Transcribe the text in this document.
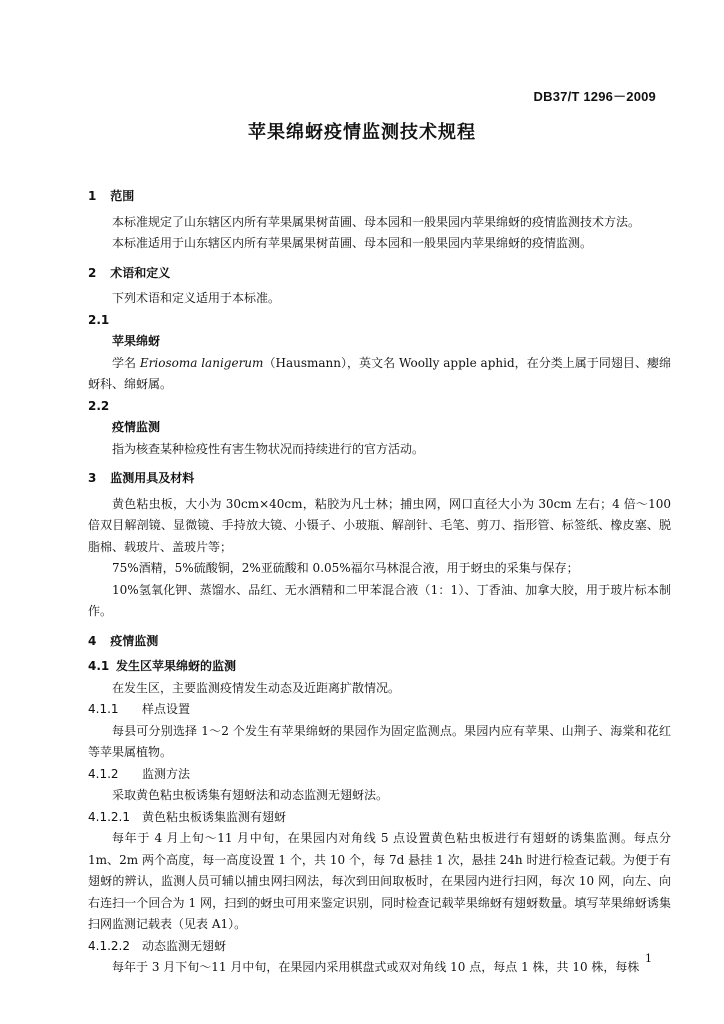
DB37/T 1296－2009
苹果绵蚜疫情监测技术规程
1 范围

本标准规定了山东辖区内所有苹果属果树苗圃、母本园和一般果园内苹果绵蚜的疫情监测技术方法。

本标准适用于山东辖区内所有苹果属果树苗圃、母本园和一般果园内苹果绵蚜的疫情监测。

2 术语和定义

下列术语和定义适用于本标准。

2.1
苹果绵蚜

学名 Eriosoma lanigerum（Hausmann），英文名 Woolly apple aphid，在分类上属于同翅目、瘿绵蚜科、绵蚜属。

2.2
疫情监测

指为核查某种检疫性有害生物状况而持续进行的官方活动。

3 监测用具及材料

黄色粘虫板，大小为 30cm×40cm，粘胶为凡士林；捕虫网，网口直径大小为 30cm 左右；4 倍～100 倍双目解剖镜、显微镜、手持放大镜、小镊子、小玻瓶、解剖针、毛笔、剪刀、指形管、标签纸、橡皮塞、脱脂棉、载玻片、盖玻片等；

75%酒精，5%硫酸铜，2%亚硫酸和 0.05%福尔马林混合液，用于蚜虫的采集与保存；

10%氢氧化钾、蒸馏水、品红、无水酒精和二甲苯混合液（1：1）、丁香油、加拿大胶，用于玻片标本制作。

4 疫情监测
4.1 发生区苹果绵蚜的监测

在发生区，主要监测疫情发生动态及近距离扩散情况。

4.1.1 样点设置

每县可分别选择 1～2 个发生有苹果绵蚜的果园作为固定监测点。果园内应有苹果、山荆子、海棠和花红等苹果属植物。

4.1.2 监测方法

采取黄色粘虫板诱集有翅蚜法和动态监测无翅蚜法。

4.1.2.1 黄色粘虫板诱集监测有翅蚜

每年于 4 月上旬～11 月中旬，在果园内对角线 5 点设置黄色粘虫板进行有翅蚜的诱集监测。每点分 1m、2m 两个高度，每一高度设置 1 个，共 10 个，每 7d 悬挂 1 次，悬挂 24h 时进行检查记载。为便于有翅蚜的辨认，监测人员可辅以捕虫网扫网法，每次到田间取板时，在果园内进行扫网，每次 10 网，向左、向右连扫一个回合为 1 网，扫到的蚜虫可用来鉴定识别，同时检查记载苹果绵蚜有翅蚜数量。填写苹果绵蚜诱集扫网监测记载表（见表 A1）。

4.1.2.2 动态监测无翅蚜

每年于 3 月下旬～11 月中旬，在果园内采用棋盘式或双对角线 10 点，每点 1 株，共 10 株，每株

1
